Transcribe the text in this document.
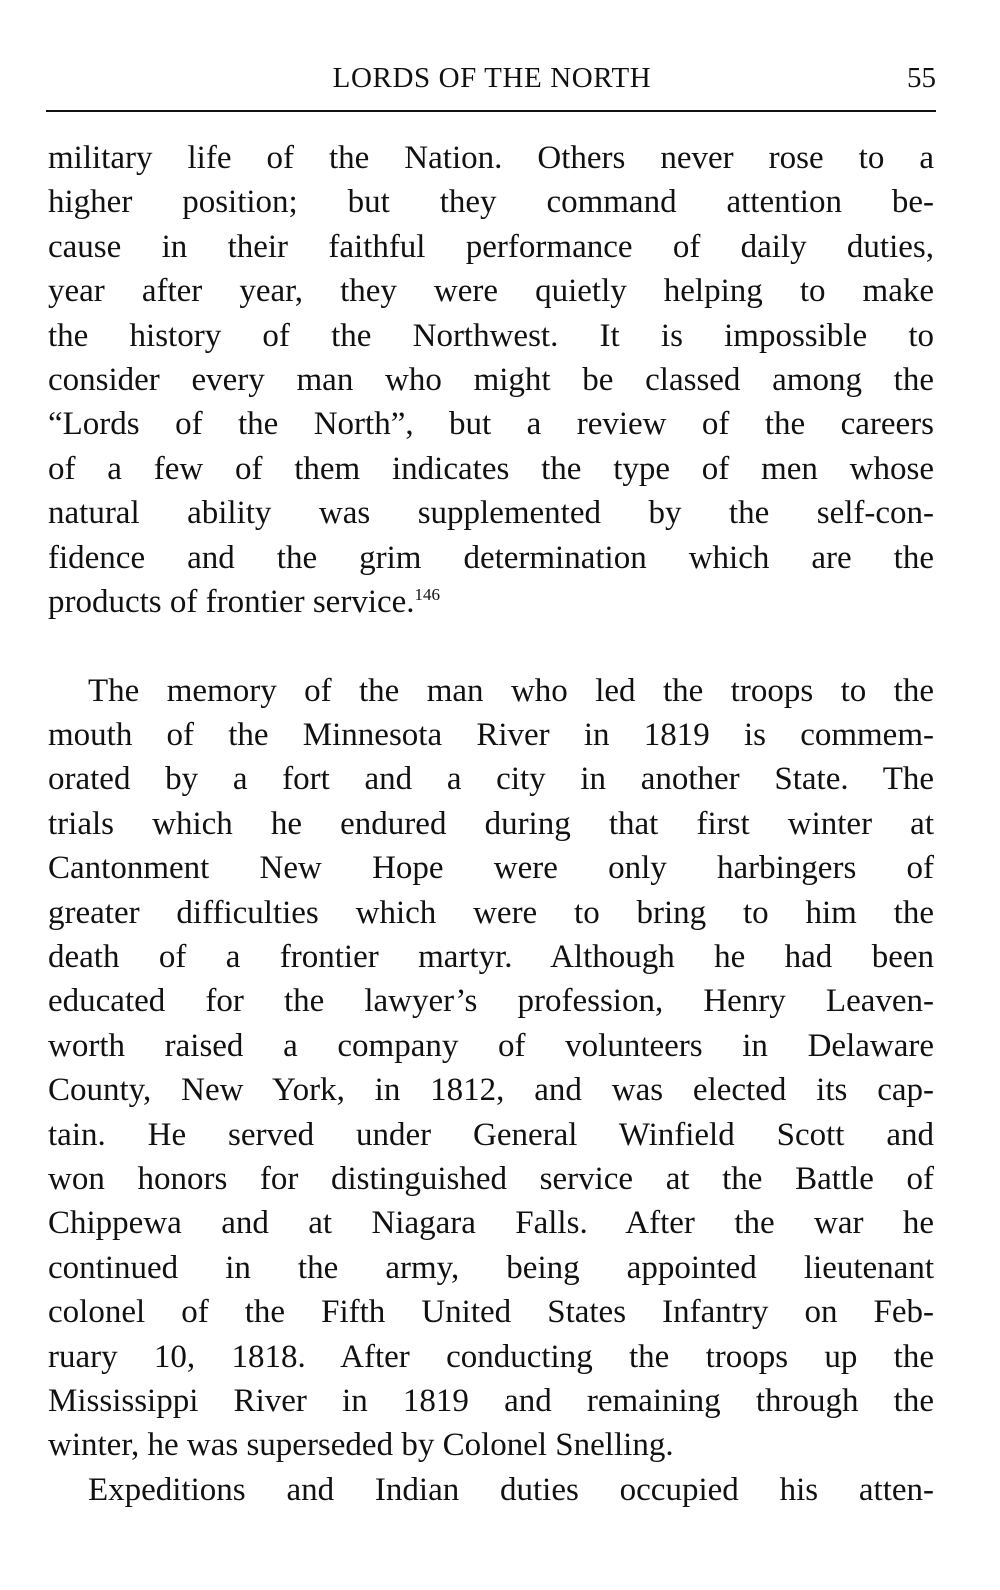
LORDS OF THE NORTH	55
military life of the Nation. Others never rose to a
higher position; but they command attention be-
cause in their faithful performance of daily duties,
year after year, they were quietly helping to make
the history of the Northwest. It is impossible to
consider every man who might be classed among the
“Lords of the North”, but a review of the careers
of a few of them indicates the type of men whose
natural ability was supplemented by the self-con-
fidence and the grim determination which are the
products of frontier service.$^{146}$
The memory of the man who led the troops to the
mouth of the Minnesota River in 1819 is commem-
orated by a fort and a city in another State. The
trials which he endured during that first winter at
Cantonment New Hope were only harbingers of
greater difficulties which were to bring to him the
death of a frontier martyr. Although he had been
educated for the lawyer’s profession, Henry Leaven-
worth raised a company of volunteers in Delaware
County, New York, in 1812, and was elected its cap-
tain. He served under General Winfield Scott and
won honors for distinguished service at the Battle of
Chippewa and at Niagara Falls. After the war he
continued in the army, being appointed lieutenant
colonel of the Fifth United States Infantry on Feb-
ruary 10, 1818. After conducting the troops up the
Mississippi River in 1819 and remaining through the
winter, he was superseded by Colonel Snelling.
Expeditions and Indian duties occupied his atten-
